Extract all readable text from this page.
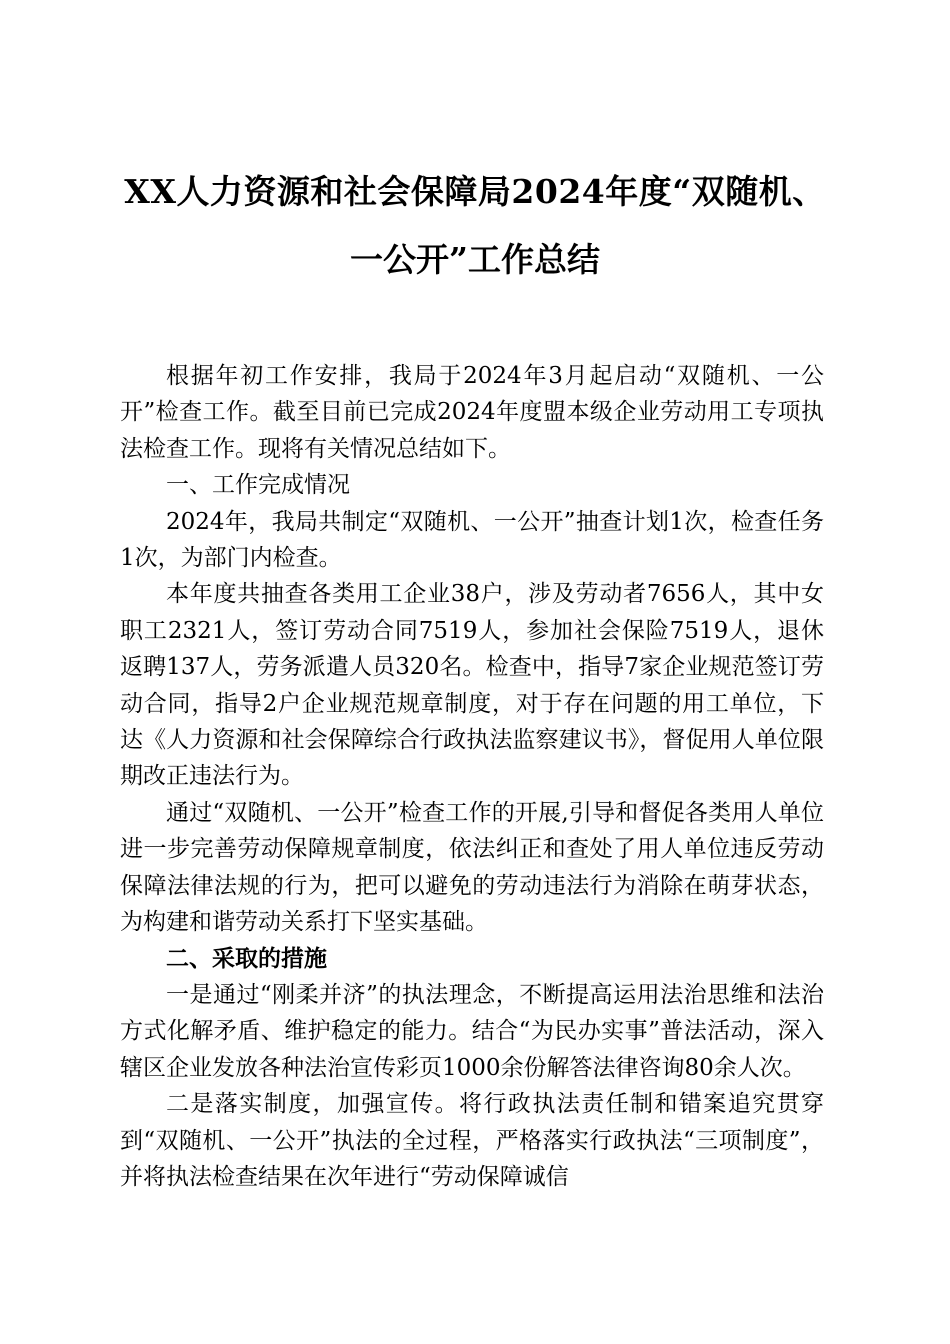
XX人力资源和社会保障局2024年度“双随机、
一公开”工作总结

根据年初工作安排，我局于2024年3月起启动“双随机、一公开”检查工作。截至目前已完成2024年度盟本级企业劳动用工专项执法检查工作。现将有关情况总结如下。

一、工作完成情况

2024年，我局共制定“双随机、一公开”抽查计划1次，检查任务1次，为部门内检查。

本年度共抽查各类用工企业38户，涉及劳动者7656人，其中女职工2321人，签订劳动合同7519人，参加社会保险7519人，退休返聘137人，劳务派遣人员320名。检查中，指导7家企业规范签订劳动合同，指导2户企业规范规章制度，对于存在问题的用工单位，下达《人力资源和社会保障综合行政执法监察建议书》，督促用人单位限期改正违法行为。

通过“双随机、一公开”检查工作的开展,引导和督促各类用人单位进一步完善劳动保障规章制度，依法纠正和查处了用人单位违反劳动保障法律法规的行为，把可以避免的劳动违法行为消除在萌芽状态，为构建和谐劳动关系打下坚实基础。

二、采取的措施

一是通过“刚柔并济”的执法理念，不断提高运用法治思维和法治方式化解矛盾、维护稳定的能力。结合“为民办实事”普法活动，深入辖区企业发放各种法治宣传彩页1000余份解答法律咨询80余人次。

二是落实制度，加强宣传。将行政执法责任制和错案追究贯穿到“双随机、一公开”执法的全过程，严格落实行政执法“三项制度”，并将执法检查结果在次年进行“劳动保障诚信
